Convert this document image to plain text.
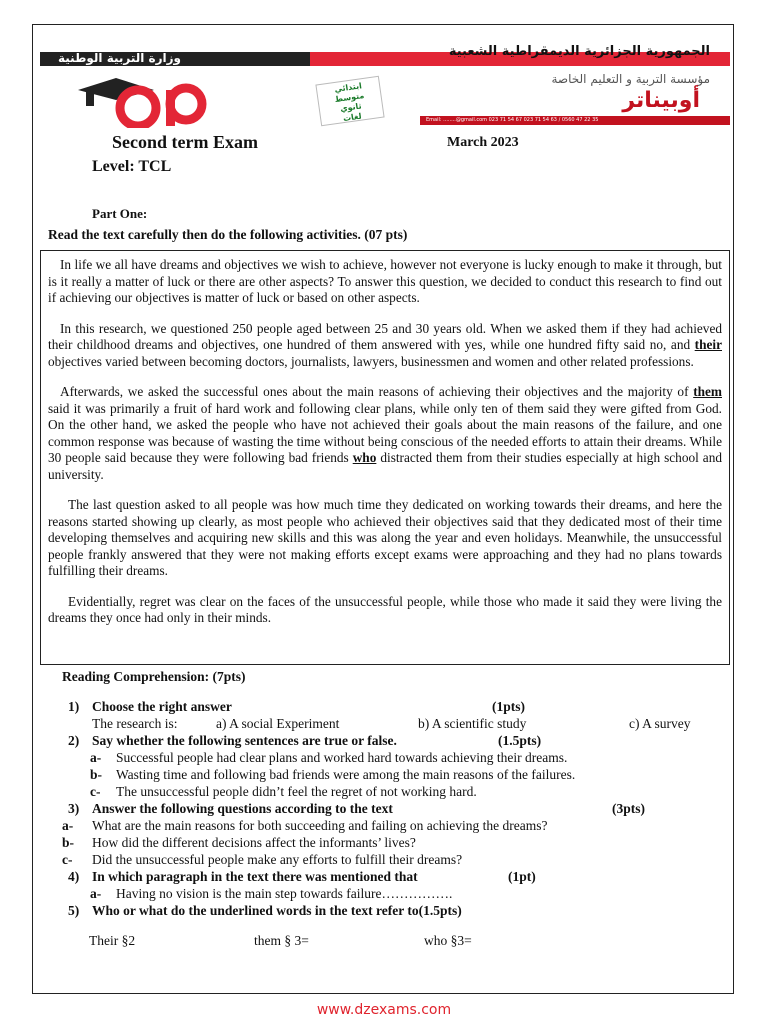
وزارة التربية الوطنية	الجمهورية الجزائرية الديمقراطية الشعبية
مؤسسة التربية و التعليم الخاصة
أوبيناتر
Email: ........@gmail.com 023 71 54 67 023 71 54 63 / 0560 47 22 35
ابتدائي
متوسط
ثانوي
لغات
Second term Exam	March 2023
Level: TCL
Part One:
Read the text carefully then do the following activities. (07 pts)

In life we all have dreams and objectives we wish to achieve, however not everyone is lucky enough to make it through, but is it really a matter of luck or there are other aspects? To answer this question, we decided to conduct this research to find out if achieving our objectives is matter of luck or based on other aspects.

In this research, we questioned 250 people aged between 25 and 30 years old. When we asked them if they had achieved their childhood dreams and objectives, one hundred of them answered with yes, while one hundred fifty said no, and their objectives varied between becoming doctors, journalists, lawyers, businessmen and women and other related professions.

Afterwards, we asked the successful ones about the main reasons of achieving their objectives and the majority of them said it was primarily a fruit of hard work and following clear plans, while only ten of them said they were gifted from God. On the other hand, we asked the people who have not achieved their goals about the main reasons of the failure, and one common response was because of wasting the time without being conscious of the needed efforts to attain their dreams. While 30 people said because they were following bad friends who distracted them from their studies especially at high school and university.

The last question asked to all people was how much time they dedicated on working towards their dreams, and here the reasons started showing up clearly, as most people who achieved their objectives said that they dedicated most of their time developing themselves and acquiring new skills and this was along the year and even holidays. Meanwhile, the unsuccessful people frankly answered that they were not making efforts except exams were approaching and they had no plans towards fulfilling their dreams.

Evidentially, regret was clear on the faces of the unsuccessful people, while those who made it said they were living the dreams they once had only in their minds.

Reading Comprehension: (7pts)
1) Choose the right answer	(1pts)
The research is:	a) A social Experiment	b) A scientific study	c) A survey
2) Say whether the following sentences are true or false.	(1.5pts)
a- Successful people had clear plans and worked hard towards achieving their dreams.
b- Wasting time and following bad friends were among the main reasons of the failures.
c- The unsuccessful people didn’t feel the regret of not working hard.
3) Answer the following questions according to the text	(3pts)
a- What are the main reasons for both succeeding and failing on achieving the dreams?
b- How did the different decisions affect the informants’ lives?
c- Did the unsuccessful people make any efforts to fulfill their dreams?
4) In which paragraph in the text there was mentioned that	(1pt)
a- Having no vision is the main step towards failure…………….
5) Who or what do the underlined words in the text refer to(1.5pts)
Their §2	them § 3=	who §3=
www.dzexams.com
